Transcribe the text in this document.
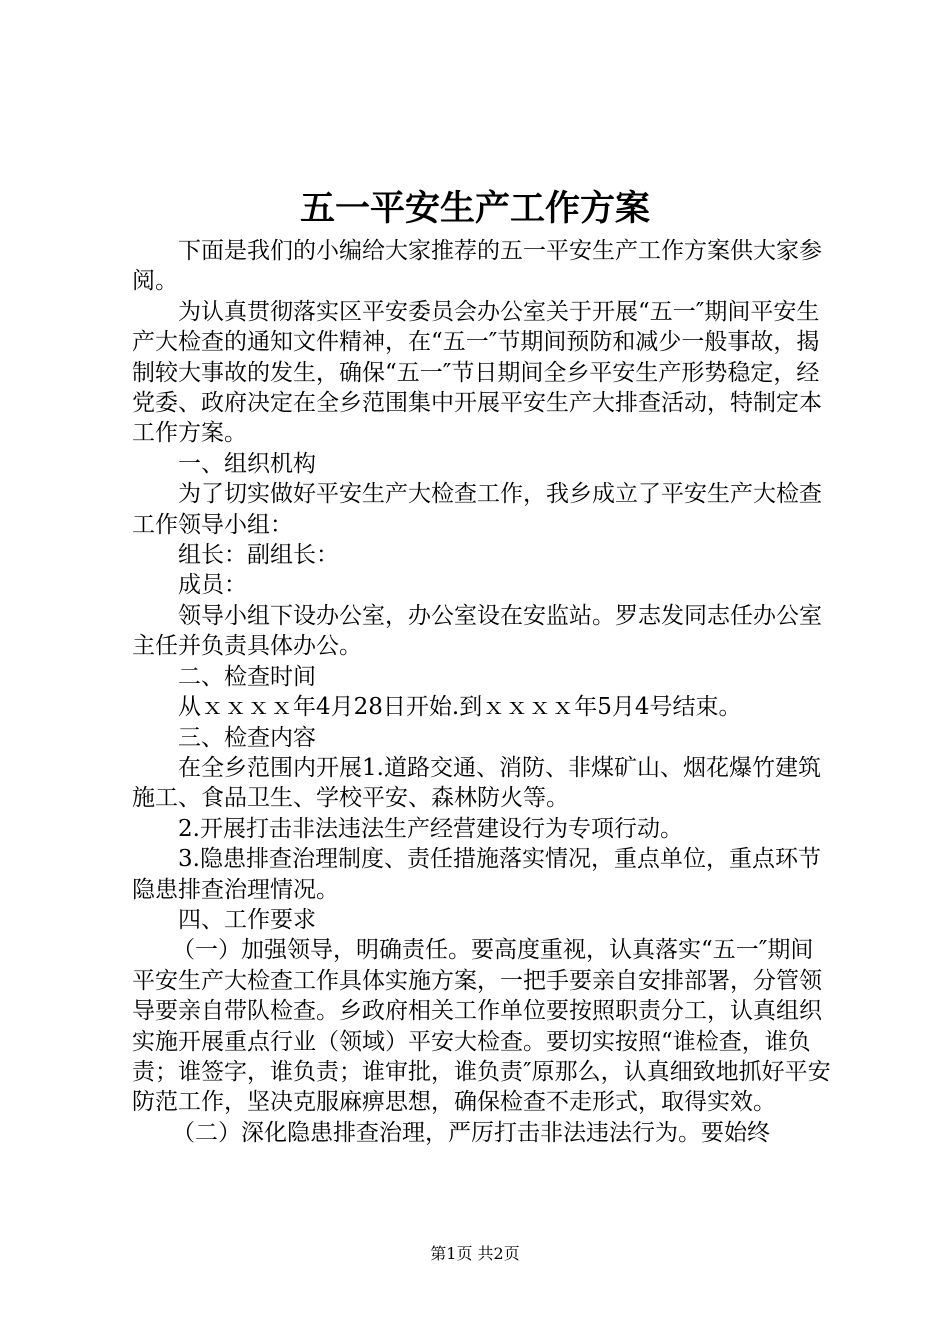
五一平安生产工作方案

下面是我们的小编给大家推荐的五一平安生产工作方案供大家参阅。

为认真贯彻落实区平安委员会办公室关于开展“五一″期间平安生产大检查的通知文件精神，在“五一″节期间预防和减少一般事故，揭制较大事故的发生，确保“五一″节日期间全乡平安生产形势稳定，经党委、政府决定在全乡范围集中开展平安生产大排查活动，特制定本工作方案。

一、组织机构

为了切实做好平安生产大检查工作，我乡成立了平安生产大检查工作领导小组：

组长：副组长：

成员：

领导小组下设办公室，办公室设在安监站。罗志发同志任办公室主任并负责具体办公。

二、检查时间

从ｘｘｘｘ年4月28日开始.到ｘｘｘｘ年5月4号结束。

三、检查内容

在全乡范围内开展1.道路交通、消防、非煤矿山、烟花爆竹建筑施工、食品卫生、学校平安、森林防火等。

2.开展打击非法违法生产经营建设行为专项行动。

3.隐患排查治理制度、责任措施落实情况，重点单位，重点环节隐患排查治理情况。

四、工作要求

（一）加强领导，明确责任。要高度重视，认真落实“五一″期间平安生产大检查工作具体实施方案，一把手要亲自安排部署，分管领导要亲自带队检查。乡政府相关工作单位要按照职责分工，认真组织实施开展重点行业（领域）平安大检查。要切实按照“谁检查，谁负责；谁签字，谁负责；谁审批，谁负责″原那么，认真细致地抓好平安防范工作，坚决克服麻痹思想，确保检查不走形式，取得实效。

（二）深化隐患排查治理，严厉打击非法违法行为。要始终

第1页 共2页
